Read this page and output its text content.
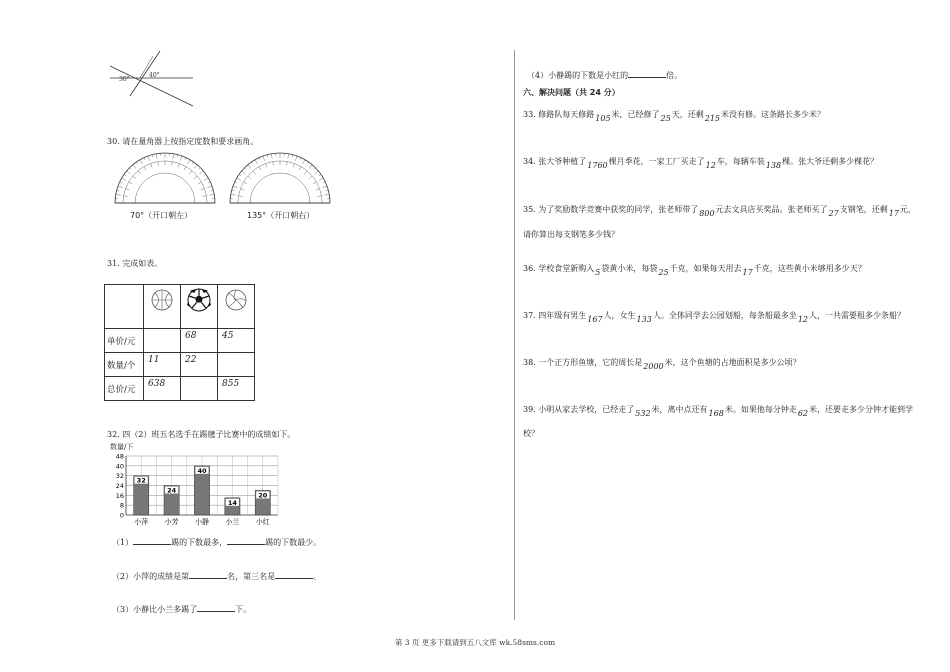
30°
40°
30. 请在量角器上按指定度数和要求画角。
70°（开口朝左）	135°（开口朝右）
31. 完成如表。

单价/元		68	45

数量/个	11	22	

总价/元	638		855
32. 四（2）班五名选手在踢毽子比赛中的成绩如下。
数量/下
32
24
40
14
20
0
8
16
24
32
40
48
小萍 小芳 小静 小兰 小红
（1）	踢的下数最多，	踢的下数最少。
（2）小萍的成绩是第	名，第三名是	。
（3）小静比小兰多踢了	下。
（4）小静踢的下数是小红的	倍。
六、解决问题（共 24 分）
33. 修路队每天修路105米，已经修了25天，还剩215米没有修。这条路长多少米？
34. 张大爷种植了1760棵月季花，一家工厂买走了12车，每辆车装138棵。张大爷还剩多少棵花？
35. 为了奖励数学竞赛中获奖的同学，张老师带了800元去文具店买奖品。张老师买了27支钢笔，还剩17元，
请你算出每支钢笔多少钱？
36. 学校食堂新购入5袋黄小米，每袋25千克，如果每天用去17千克，这些黄小米够用多少天？
37. 四年级有男生167人，女生133人。全体同学去公园划船，每条船最多坐12人，一共需要租多少条船？
38. 一个正方形鱼塘，它的周长是2000米，这个鱼塘的占地面积是多少公顷？
39. 小明从家去学校，已经走了532米，离中点还有168米。如果他每分钟走62米，还要走多少分钟才能到学
校？
第 3 页 更多下载请到五八文库 wk.58sms.com
